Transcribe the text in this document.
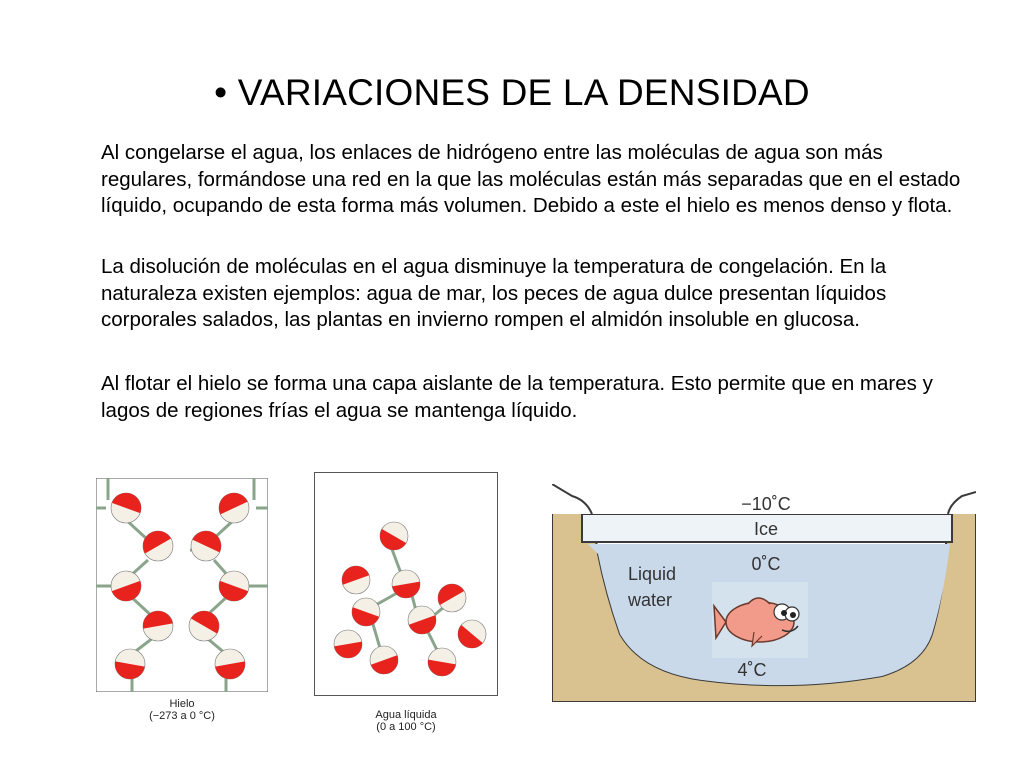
• VARIACIONES DE LA DENSIDAD
Al congelarse el agua, los enlaces de hidrógeno entre las moléculas de agua son más regulares, formándose una red en la que las moléculas están más separadas que en el estado líquido, ocupando de esta forma más volumen. Debido a este el hielo es menos denso y flota.
La disolución de moléculas en el agua disminuye la temperatura de congelación. En la naturaleza existen ejemplos: agua de mar, los peces de agua dulce presentan líquidos corporales salados, las plantas en invierno rompen el almidón insoluble en glucosa.
Al flotar el hielo se forma una capa aislante de la temperatura. Esto permite que en mares y lagos de regiones frías el agua se mantenga líquido.
Hielo
(−273 a 0 °C)	Agua líquida
(0 a 100 °C)
−10˚C
Ice
0˚C
Liquid
water
4˚C
